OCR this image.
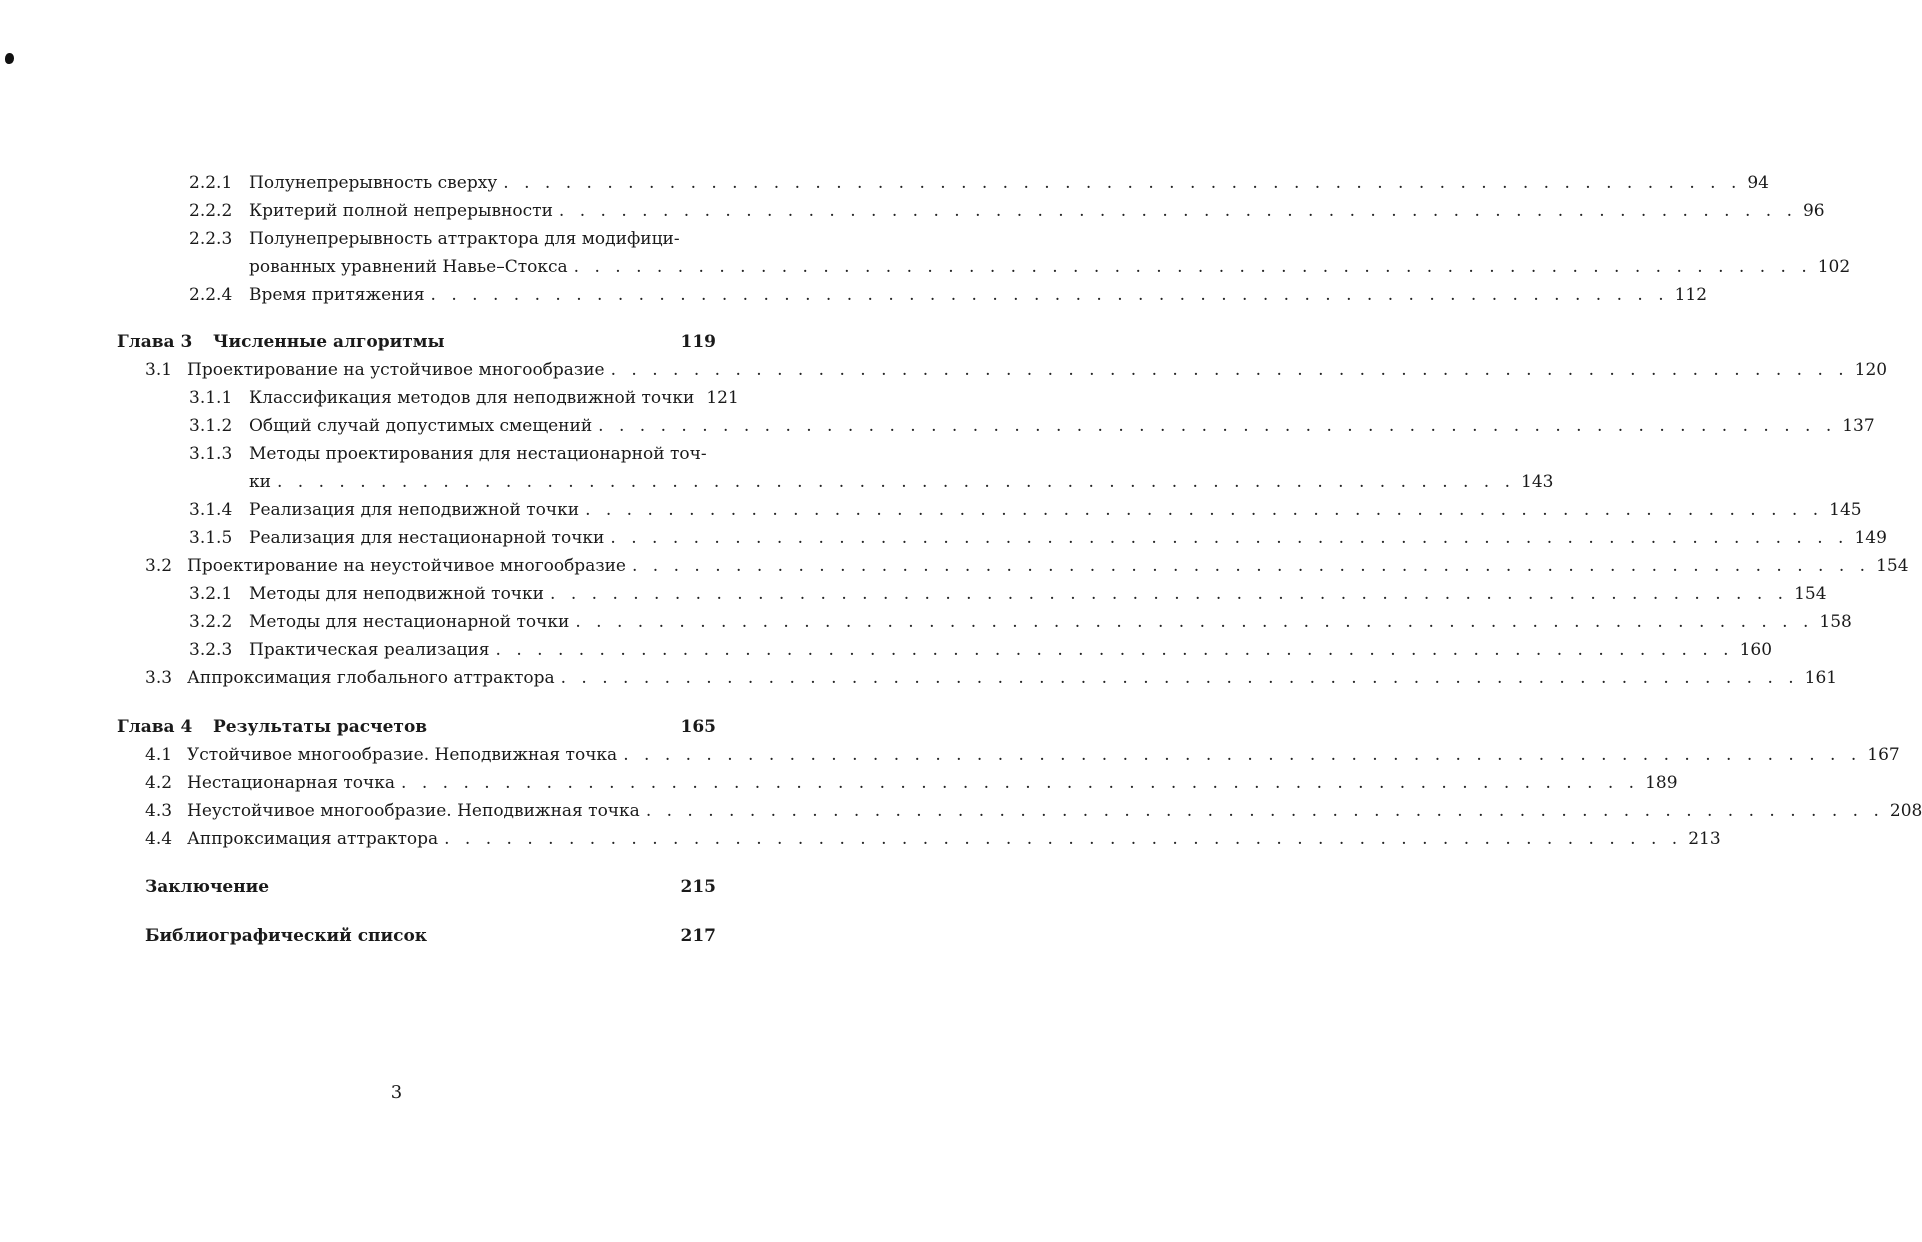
2.2.1 Полунепрерывность сверху . . . . . . . . . . . . . . . . . . . . . . . . . . . . . . . . . . . . . . . . . . . . . . . . . . . . . . . . . . . . 94
2.2.2 Критерий полной непрерывности . . . . . . . . . . . . . . . . . . . . . . . . . . . . . . . . . . . . . . . . . . . . . . . . . . . . . . . . . . . . 96
2.2.3 Полунепрерывность аттрактора для модифици-
рованных уравнений Навье–Стокса . . . . . . . . . . . . . . . . . . . . . . . . . . . . . . . . . . . . . . . . . . . . . . . . . . . . . . . . . . . . 102
2.2.4 Время притяжения . . . . . . . . . . . . . . . . . . . . . . . . . . . . . . . . . . . . . . . . . . . . . . . . . . . . . . . . . . . . 112
Глава 3	Численные алгоритмы	119
3.1 Проектирование на устойчивое многообразие . . . . . . . . . . . . . . . . . . . . . . . . . . . . . . . . . . . . . . . . . . . . . . . . . . . . . . . . . . . . 120
3.1.1 Классификация методов для неподвижной точки 121
3.1.2 Общий случай допустимых смещений . . . . . . . . . . . . . . . . . . . . . . . . . . . . . . . . . . . . . . . . . . . . . . . . . . . . . . . . . . . . 137
3.1.3 Методы проектирования для нестационарной точ-
ки . . . . . . . . . . . . . . . . . . . . . . . . . . . . . . . . . . . . . . . . . . . . . . . . . . . . . . . . . . . . 143
3.1.4 Реализация для неподвижной точки . . . . . . . . . . . . . . . . . . . . . . . . . . . . . . . . . . . . . . . . . . . . . . . . . . . . . . . . . . . . 145
3.1.5 Реализация для нестационарной точки . . . . . . . . . . . . . . . . . . . . . . . . . . . . . . . . . . . . . . . . . . . . . . . . . . . . . . . . . . . . 149
3.2 Проектирование на неустойчивое многообразие . . . . . . . . . . . . . . . . . . . . . . . . . . . . . . . . . . . . . . . . . . . . . . . . . . . . . . . . . . . . 154
3.2.1 Методы для неподвижной точки . . . . . . . . . . . . . . . . . . . . . . . . . . . . . . . . . . . . . . . . . . . . . . . . . . . . . . . . . . . . 154
3.2.2 Методы для нестационарной точки . . . . . . . . . . . . . . . . . . . . . . . . . . . . . . . . . . . . . . . . . . . . . . . . . . . . . . . . . . . . 158
3.2.3 Практическая реализация . . . . . . . . . . . . . . . . . . . . . . . . . . . . . . . . . . . . . . . . . . . . . . . . . . . . . . . . . . . . 160
3.3 Аппроксимация глобального аттрактора . . . . . . . . . . . . . . . . . . . . . . . . . . . . . . . . . . . . . . . . . . . . . . . . . . . . . . . . . . . . 161
Глава 4	Результаты расчетов	165
4.1 Устойчивое многообразие. Неподвижная точка . . . . . . . . . . . . . . . . . . . . . . . . . . . . . . . . . . . . . . . . . . . . . . . . . . . . . . . . . . . . 167
4.2 Нестационарная точка . . . . . . . . . . . . . . . . . . . . . . . . . . . . . . . . . . . . . . . . . . . . . . . . . . . . . . . . . . . . 189
4.3 Неустойчивое многообразие. Неподвижная точка . . . . . . . . . . . . . . . . . . . . . . . . . . . . . . . . . . . . . . . . . . . . . . . . . . . . . . . . . . . . 208
4.4 Аппроксимация аттрактора . . . . . . . . . . . . . . . . . . . . . . . . . . . . . . . . . . . . . . . . . . . . . . . . . . . . . . . . . . . . 213
Заключение	215
Библиографический список	217
3
